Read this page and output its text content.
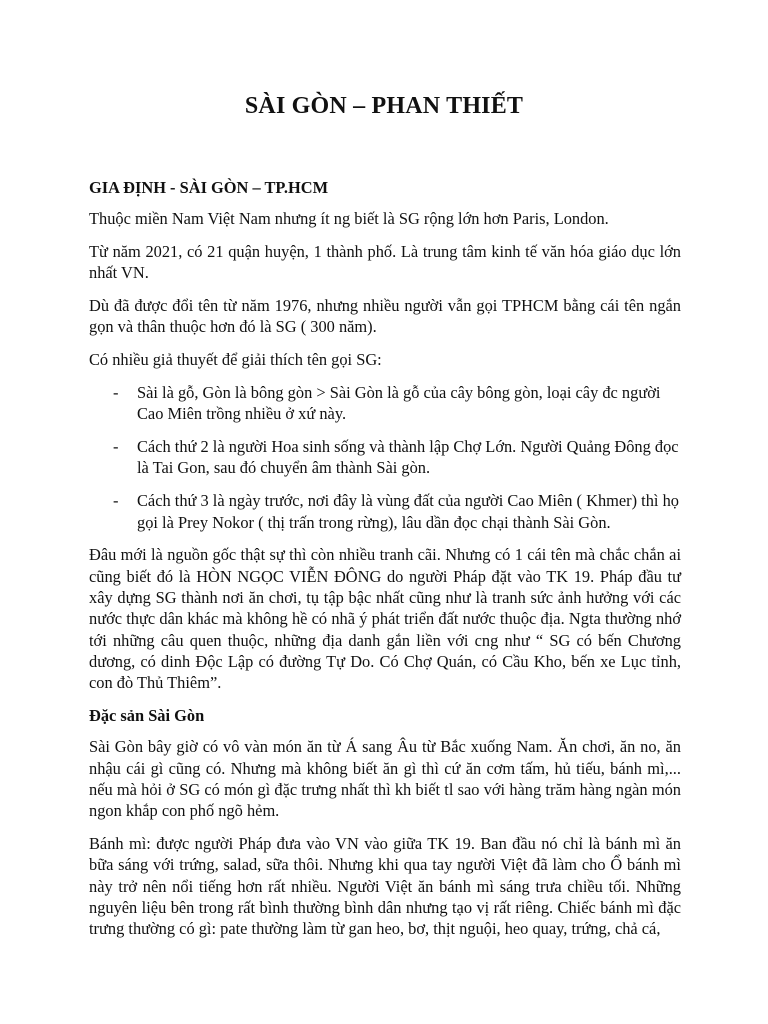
SÀI GÒN – PHAN THIẾT
GIA ĐỊNH - SÀI GÒN – TP.HCM

Thuộc miền Nam Việt Nam nhưng ít ng biết là SG rộng lớn hơn Paris, London.

Từ năm 2021, có 21 quận huyện, 1 thành phố. Là trung tâm kinh tế văn hóa giáo dục lớn nhất VN.

Dù đã được đổi tên từ năm 1976, nhưng nhiều người vẫn gọi TPHCM bằng cái tên ngắn gọn và thân thuộc hơn đó là SG ( 300 năm).

Có nhiều giả thuyết để giải thích tên gọi SG:

- Sài là gỗ, Gòn là bông gòn > Sài Gòn là gỗ của cây bông gòn, loại cây đc người Cao Miên trồng nhiều ở xứ này.
- Cách thứ 2 là người Hoa sinh sống và thành lập Chợ Lớn. Người Quảng Đông đọc là Tai Gon, sau đó chuyển âm thành Sài gòn.
- Cách thứ 3 là ngày trước, nơi đây là vùng đất của người Cao Miên ( Khmer) thì họ gọi là Prey Nokor ( thị trấn trong rừng), lâu dần đọc chại thành Sài Gòn.

Đâu mới là nguồn gốc thật sự thì còn nhiều tranh cãi. Nhưng có 1 cái tên mà chắc chắn ai cũng biết đó là HÒN NGỌC VIỄN ĐÔNG do người Pháp đặt vào TK 19. Pháp đầu tư xây dựng SG thành nơi ăn chơi, tụ tập bậc nhất cũng như là tranh sức ảnh hưởng với các nước thực dân khác mà không hề có nhã ý phát triển đất nước thuộc địa. Ngta thường nhớ tới những câu quen thuộc, những địa danh gắn liền với cng như “ SG có bến Chương dương, có dinh Độc Lập có đường Tự Do. Có Chợ Quán, có Cầu Kho, bến xe Lục tỉnh, con đò Thủ Thiêm”.

Đặc sản Sài Gòn

Sài Gòn bây giờ có vô vàn món ăn từ Á sang Âu từ Bắc xuống Nam. Ăn chơi, ăn no, ăn nhậu cái gì cũng có. Nhưng mà không biết ăn gì thì cứ ăn cơm tấm, hủ tiếu, bánh mì,... nếu mà hỏi ở SG có món gì đặc trưng nhất thì kh biết tl sao với hàng trăm hàng ngàn món ngon khắp con phố ngõ hẻm.

Bánh mì: được người Pháp đưa vào VN vào giữa TK 19. Ban đầu nó chỉ là bánh mì ăn bữa sáng với trứng, salad, sữa thôi. Nhưng khi qua tay người Việt đã làm cho Ổ bánh mì này trở nên nổi tiếng hơn rất nhiều. Người Việt ăn bánh mì sáng trưa chiều tối. Những nguyên liệu bên trong rất bình thường bình dân nhưng tạo vị rất riêng. Chiếc bánh mì đặc trưng thường có gì: pate thường làm từ gan heo, bơ, thịt nguội, heo quay, trứng, chả cá,
